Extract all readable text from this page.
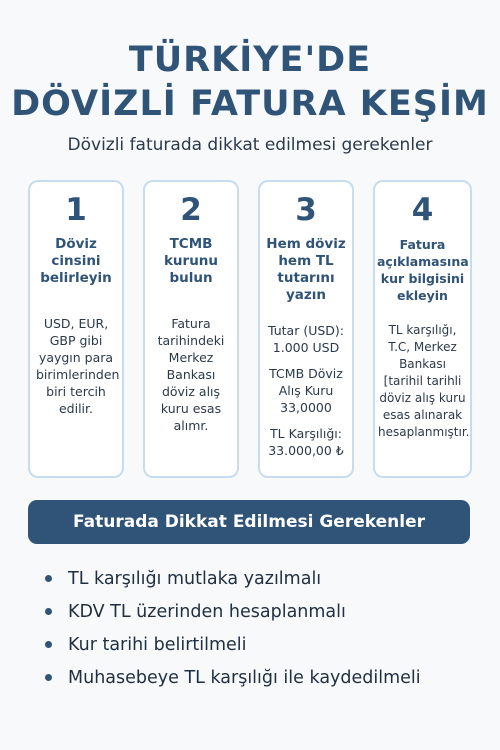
TÜRKİYE'DE
DÖVİZLİ FATURA KEŞİM
Dövizli faturada dikkat edilmesi gerekenler
1
Döviz cinsini belirleyin

USD, EUR, GBP gibi yaygın para birimlerinden biri tercih edilir.

2
TCMB kurunu bulun

Fatura tarihindeki Merkez Bankası döviz alış kuru esas alımr.

3
Hem döviz hem TL tutarını yazın

Tutar (USD): 1.000 USD

TCMB Döviz Alış Kuru 33,0000

TL Karşılığı: 33.000,00 ₺

4
Fatura açıklamasına kur bilgisini ekleyin

TL karşılığı, T.C, Merkez Bankası [tarihil tarihli döviz alış kuru esas alınarak hesaplanmıştır.

Faturada Dikkat Edilmesi Gerekenler
TL karşılığı mutlaka yazılmalı
KDV TL üzerinden hesaplanmalı
Kur tarihi belirtilmeli
Muhasebeye TL karşılığı ile kaydedilmeli
